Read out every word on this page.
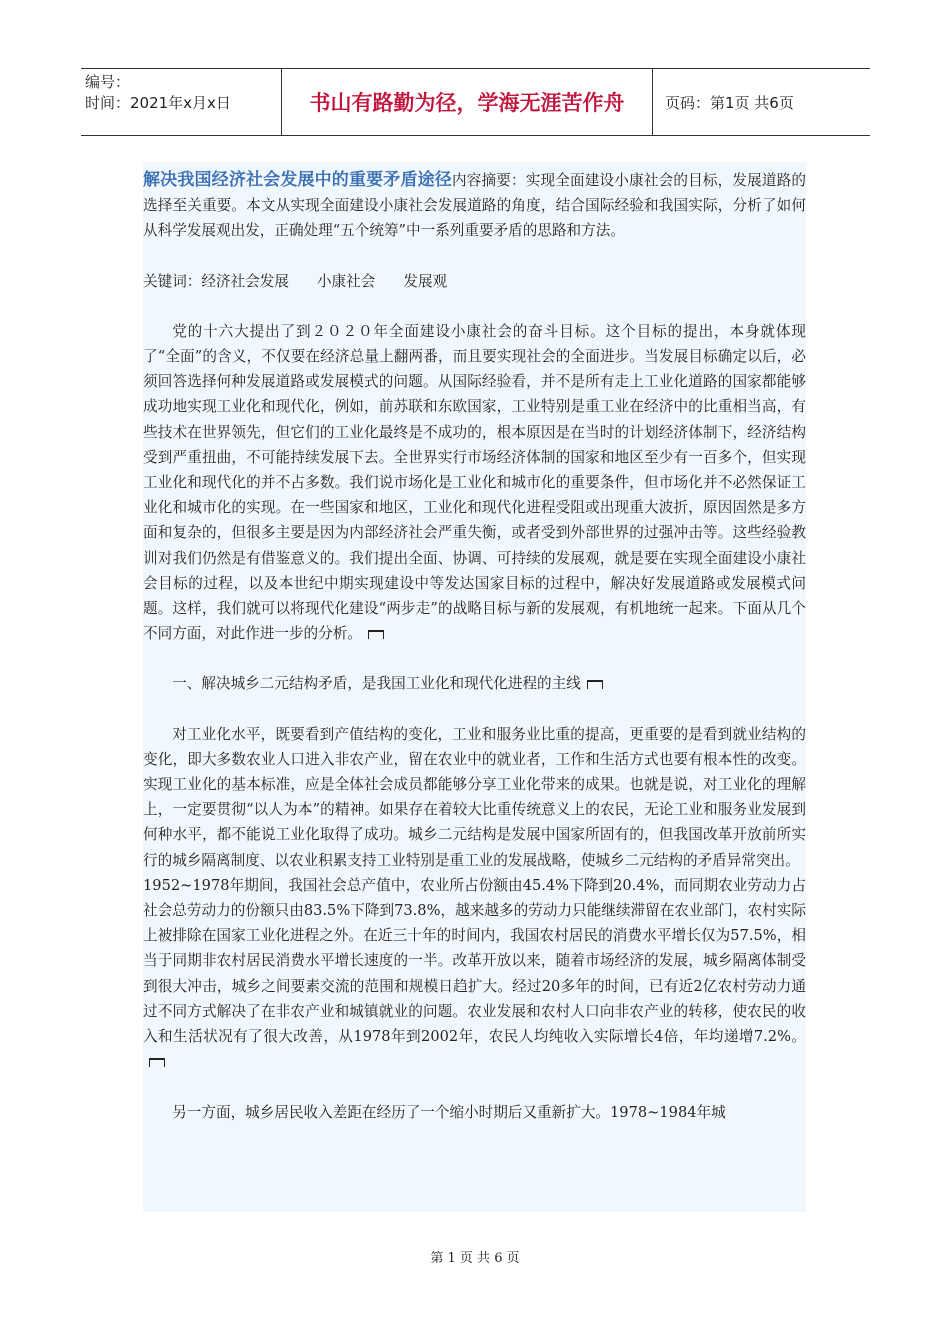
编号：
时间：2021年x月x日	书山有路勤为径，学海无涯苦作舟	页码：第1页 共6页

解决我国经济社会发展中的重要矛盾途径内容摘要：实现全面建设小康社会的目标，发展道路的选择至关重要。本文从实现全面建设小康社会发展道路的角度，结合国际经验和我国实际，分析了如何从科学发展观出发，正确处理“五个统筹”中一系列重要矛盾的思路和方法。

关键词：经济社会发展 小康社会 发展观

党的十六大提出了到２０２０年全面建设小康社会的奋斗目标。这个目标的提出，本身就体现了“全面”的含义，不仅要在经济总量上翻两番，而且要实现社会的全面进步。当发展目标确定以后，必须回答选择何种发展道路或发展模式的问题。从国际经验看，并不是所有走上工业化道路的国家都能够成功地实现工业化和现代化，例如，前苏联和东欧国家，工业特别是重工业在经济中的比重相当高，有些技术在世界领先，但它们的工业化最终是不成功的，根本原因是在当时的计划经济体制下，经济结构受到严重扭曲，不可能持续发展下去。全世界实行市场经济体制的国家和地区至少有一百多个，但实现工业化和现代化的并不占多数。我们说市场化是工业化和城市化的重要条件，但市场化并不必然保证工业化和城市化的实现。在一些国家和地区，工业化和现代化进程受阻或出现重大波折，原因固然是多方面和复杂的，但很多主要是因为内部经济社会严重失衡，或者受到外部世界的过强冲击等。这些经验教训对我们仍然是有借鉴意义的。我们提出全面、协调、可持续的发展观，就是要在实现全面建设小康社会目标的过程，以及本世纪中期实现建设中等发达国家目标的过程中，解决好发展道路或发展模式问题。这样，我们就可以将现代化建设“两步走”的战略目标与新的发展观，有机地统一起来。下面从几个不同方面，对此作进一步的分析。

一、解决城乡二元结构矛盾，是我国工业化和现代化进程的主线

对工业化水平，既要看到产值结构的变化，工业和服务业比重的提高，更重要的是看到就业结构的变化，即大多数农业人口进入非农产业，留在农业中的就业者，工作和生活方式也要有根本性的改变。实现工业化的基本标准，应是全体社会成员都能够分享工业化带来的成果。也就是说，对工业化的理解上，一定要贯彻“以人为本”的精神。如果存在着较大比重传统意义上的农民，无论工业和服务业发展到何种水平，都不能说工业化取得了成功。城乡二元结构是发展中国家所固有的，但我国改革开放前所实行的城乡隔离制度、以农业积累支持工业特别是重工业的发展战略，使城乡二元结构的矛盾异常突出。

1952~1978年期间，我国社会总产值中，农业所占份额由45.4%下降到20.4%，而同期农业劳动力占社会总劳动力的份额只由83.5%下降到73.8%，越来越多的劳动力只能继续滞留在农业部门，农村实际上被排除在国家工业化进程之外。在近三十年的时间内，我国农村居民的消费水平增长仅为57.5%，相当于同期非农村居民消费水平增长速度的一半。改革开放以来，随着市场经济的发展，城乡隔离体制受到很大冲击，城乡之间要素交流的范围和规模日趋扩大。经过20多年的时间，已有近2亿农村劳动力通过不同方式解决了在非农产业和城镇就业的问题。农业发展和农村人口向非农产业的转移，使农民的收入和生活状况有了很大改善，从1978年到2002年，农民人均纯收入实际增长4倍，年均递增7.2%。

另一方面，城乡居民收入差距在经历了一个缩小时期后又重新扩大。1978~1984年城

第 1 页 共 6 页
